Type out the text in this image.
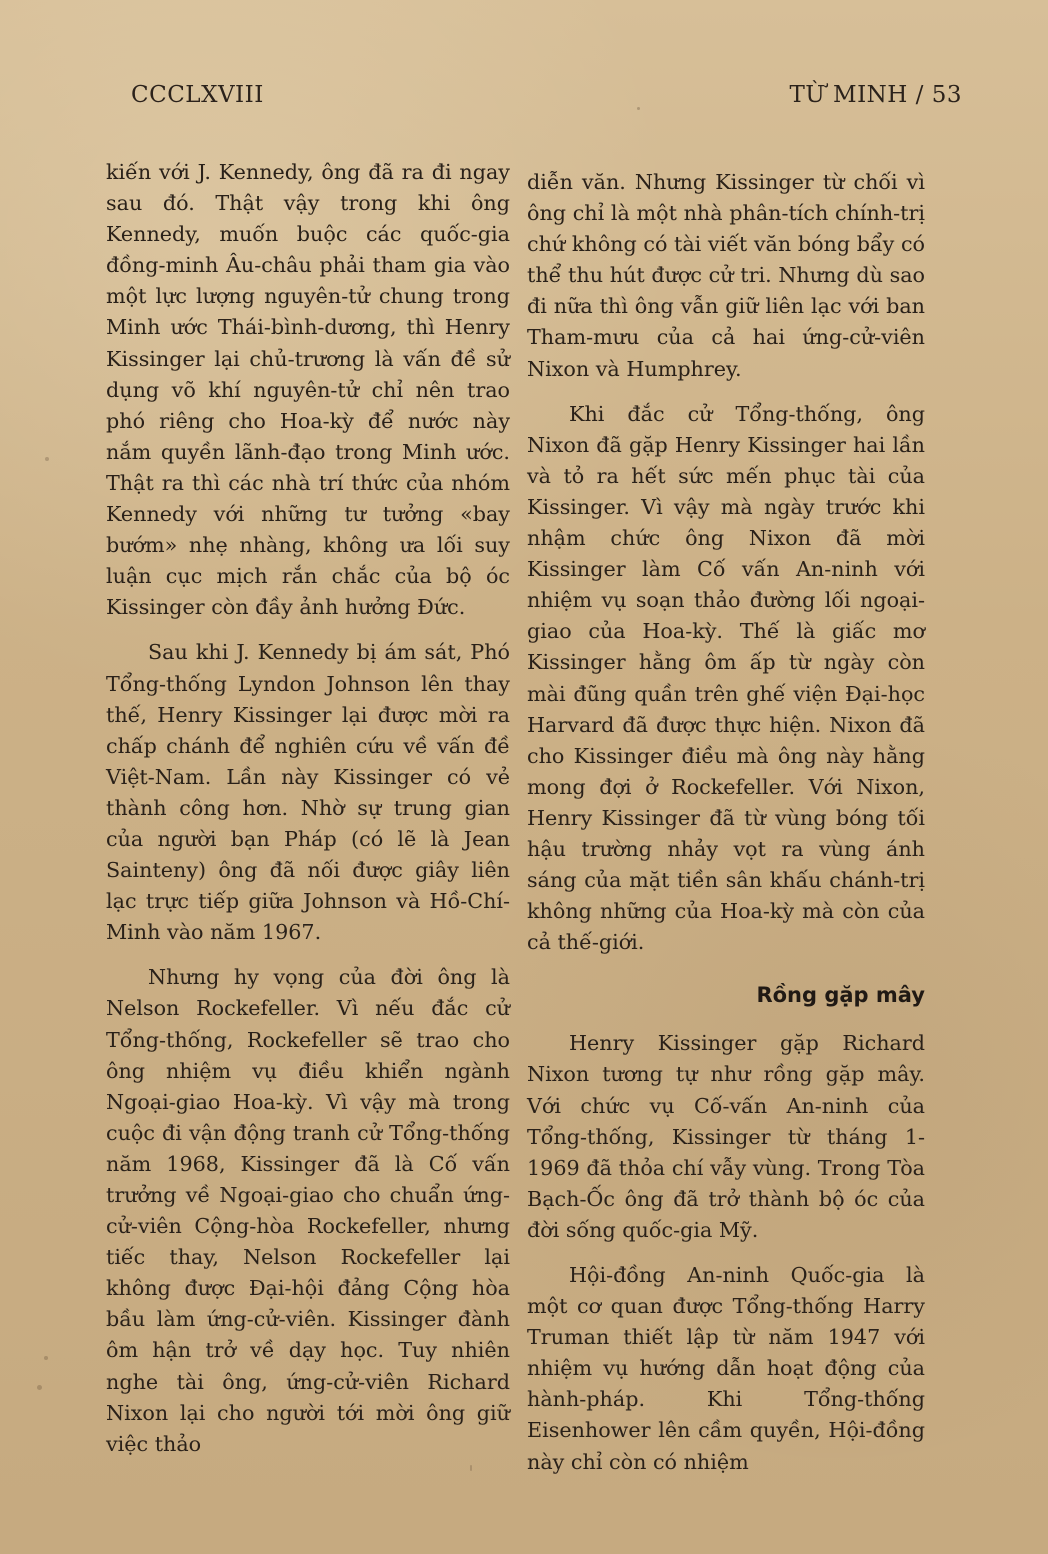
CCCLXVIII	TỪ MINH / 53

kiến với J. Kennedy, ông đã ra đi ngay sau đó. Thật vậy trong khi ông Kennedy, muốn buộc các quốc-gia đồng-minh Âu-châu phải tham gia vào một lực lượng nguyên-tử chung trong Minh ước Thái-bình-dương, thì Henry Kissinger lại chủ-trương là vấn đề sử dụng võ khí nguyên-tử chỉ nên trao phó riêng cho Hoa-kỳ để nước này nắm quyền lãnh-đạo trong Minh ước. Thật ra thì các nhà trí thức của nhóm Kennedy với những tư tưởng «bay bướm» nhẹ nhàng, không ưa lối suy luận cục mịch rắn chắc của bộ óc Kissinger còn đầy ảnh hưởng Đức.

Sau khi J. Kennedy bị ám sát, Phó Tổng-thống Lyndon Johnson lên thay thế, Henry Kissinger lại được mời ra chấp chánh để nghiên cứu về vấn đề Việt-Nam. Lần này Kissinger có vẻ thành công hơn. Nhờ sự trung gian của người bạn Pháp (có lẽ là Jean Sainteny) ông đã nối được giây liên lạc trực tiếp giữa Johnson và Hồ-Chí-Minh vào năm 1967.

Nhưng hy vọng của đời ông là Nelson Rockefeller. Vì nếu đắc cử Tổng-thống, Rockefeller sẽ trao cho ông nhiệm vụ điều khiển ngành Ngoại-giao Hoa-kỳ. Vì vậy mà trong cuộc đi vận động tranh cử Tổng-thống năm 1968, Kissinger đã là Cố vấn trưởng về Ngoại-giao cho chuẩn ứng-cử-viên Cộng-hòa Rockefeller, nhưng tiếc thay, Nelson Rockefeller lại không được Đại-hội đảng Cộng hòa bầu làm ứng-cử-viên. Kissinger đành ôm hận trở về dạy học. Tuy nhiên nghe tài ông, ứng-cử-viên Richard Nixon lại cho người tới mời ông giữ việc thảo

diễn văn. Nhưng Kissinger từ chối vì ông chỉ là một nhà phân-tích chính-trị chứ không có tài viết văn bóng bẩy có thể thu hút được cử tri. Nhưng dù sao đi nữa thì ông vẫn giữ liên lạc với ban Tham-mưu của cả hai ứng-cử-viên Nixon và Humphrey.

Khi đắc cử Tổng-thống, ông Nixon đã gặp Henry Kissinger hai lần và tỏ ra hết sức mến phục tài của Kissinger. Vì vậy mà ngày trước khi nhậm chức ông Nixon đã mời Kissinger làm Cố vấn An-ninh với nhiệm vụ soạn thảo đường lối ngoại-giao của Hoa-kỳ. Thế là giấc mơ Kissinger hằng ôm ấp từ ngày còn mài đũng quần trên ghế viện Đại-học Harvard đã được thực hiện. Nixon đã cho Kissinger điều mà ông này hằng mong đợi ở Rockefeller. Với Nixon, Henry Kissinger đã từ vùng bóng tối hậu trường nhảy vọt ra vùng ánh sáng của mặt tiền sân khấu chánh-trị không những của Hoa-kỳ mà còn của cả thế-giới.

Rồng gặp mây

Henry Kissinger gặp Richard Nixon tương tự như rồng gặp mây. Với chức vụ Cố-vấn An-ninh của Tổng-thống, Kissinger từ tháng 1-1969 đã thỏa chí vẫy vùng. Trong Tòa Bạch-Ốc ông đã trở thành bộ óc của đời sống quốc-gia Mỹ.

Hội-đồng An-ninh Quốc-gia là một cơ quan được Tổng-thống Harry Truman thiết lập từ năm 1947 với nhiệm vụ hướng dẫn hoạt động của hành-pháp. Khi Tổng-thống Eisenhower lên cầm quyền, Hội-đồng này chỉ còn có nhiệm
